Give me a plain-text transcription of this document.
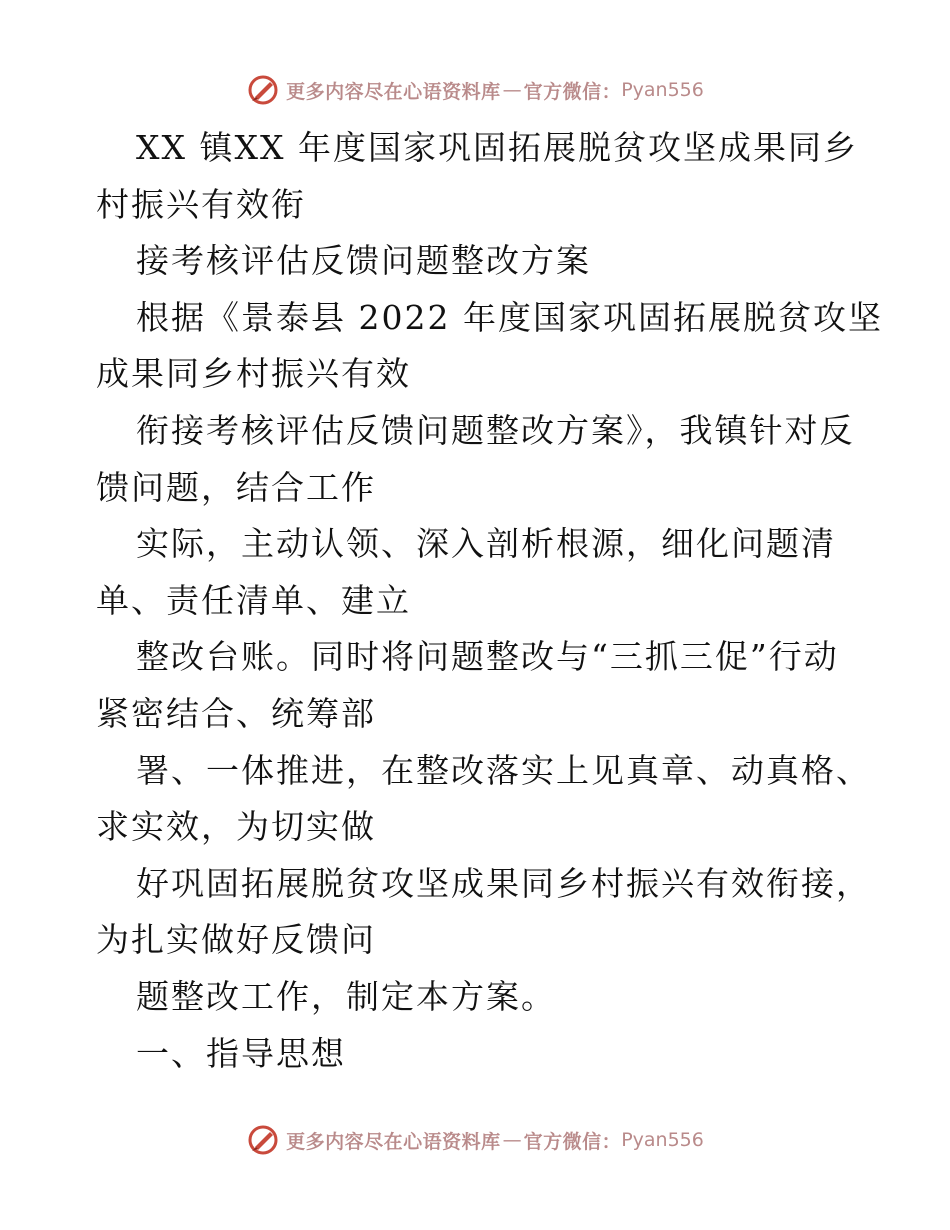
更多内容尽在心语资料库 — 官方微信： Pyan556
XX 镇XX 年度国家巩固拓展脱贫攻坚成果同乡
村振兴有效衔
接考核评估反馈问题整改方案
根据《景泰县 2022 年度国家巩固拓展脱贫攻坚
成果同乡村振兴有效
衔接考核评估反馈问题整改方案》，我镇针对反
馈问题，结合工作
实际，主动认领、深入剖析根源，细化问题清
单、责任清单、建立
整改台账。同时将问题整改与“三抓三促”行动
紧密结合、统筹部
署、一体推进，在整改落实上见真章、动真格、
求实效，为切实做
好巩固拓展脱贫攻坚成果同乡村振兴有效衔接，
为扎实做好反馈问
题整改工作，制定本方案。
一、指导思想
更多内容尽在心语资料库 — 官方微信： Pyan556
